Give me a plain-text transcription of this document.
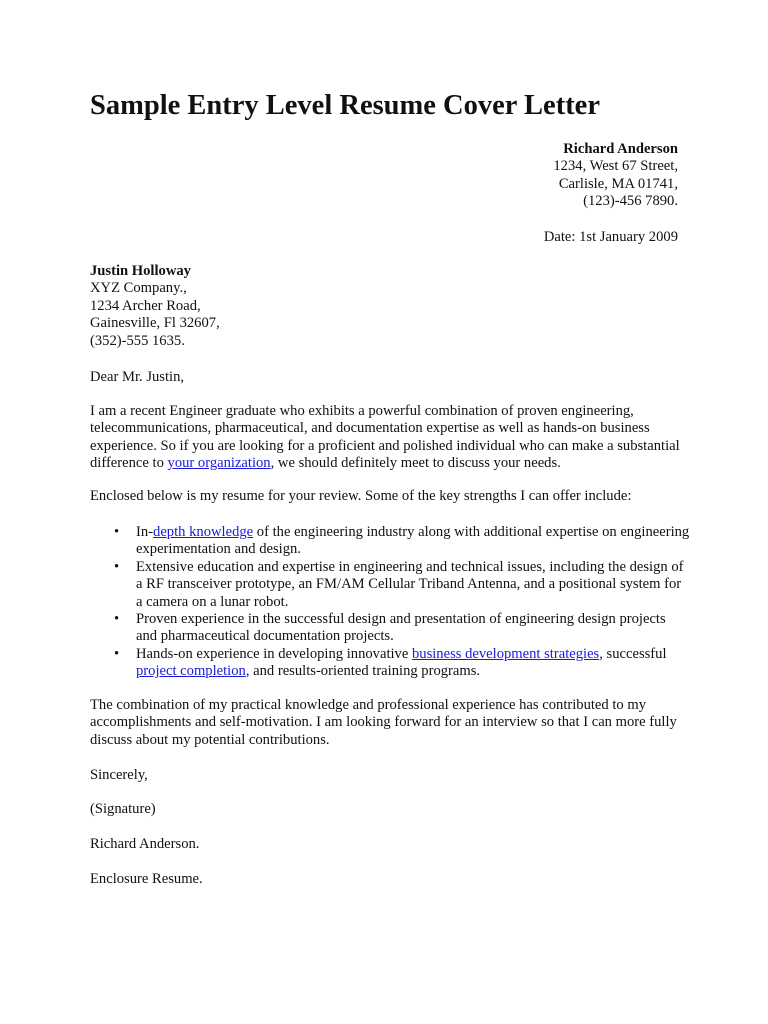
Sample Entry Level Resume Cover Letter
Richard Anderson
1234, West 67 Street,
Carlisle, MA 01741,
(123)-456 7890.
Date: 1st January 2009
Justin Holloway
XYZ Company.,
1234 Archer Road,
Gainesville, Fl 32607,
(352)-555 1635.

Dear Mr. Justin,

I am a recent Engineer graduate who exhibits a powerful combination of proven engineering, telecommunications, pharmaceutical, and documentation expertise as well as hands-on business experience. So if you are looking for a proficient and polished individual who can make a substantial difference to your organization, we should definitely meet to discuss your needs.

Enclosed below is my resume for your review. Some of the key strengths I can offer include:

• In-depth knowledge of the engineering industry along with additional expertise on engineering experimentation and design.
• Extensive education and expertise in engineering and technical issues, including the design of a RF transceiver prototype, an FM/AM Cellular Triband Antenna, and a positional system for a camera on a lunar robot.
• Proven experience in the successful design and presentation of engineering design projects and pharmaceutical documentation projects.
• Hands-on experience in developing innovative business development strategies, successful project completion, and results-oriented training programs.

The combination of my practical knowledge and professional experience has contributed to my accomplishments and self-motivation. I am looking forward for an interview so that I can more fully discuss about my potential contributions.

Sincerely,

(Signature)

Richard Anderson.

Enclosure Resume.
